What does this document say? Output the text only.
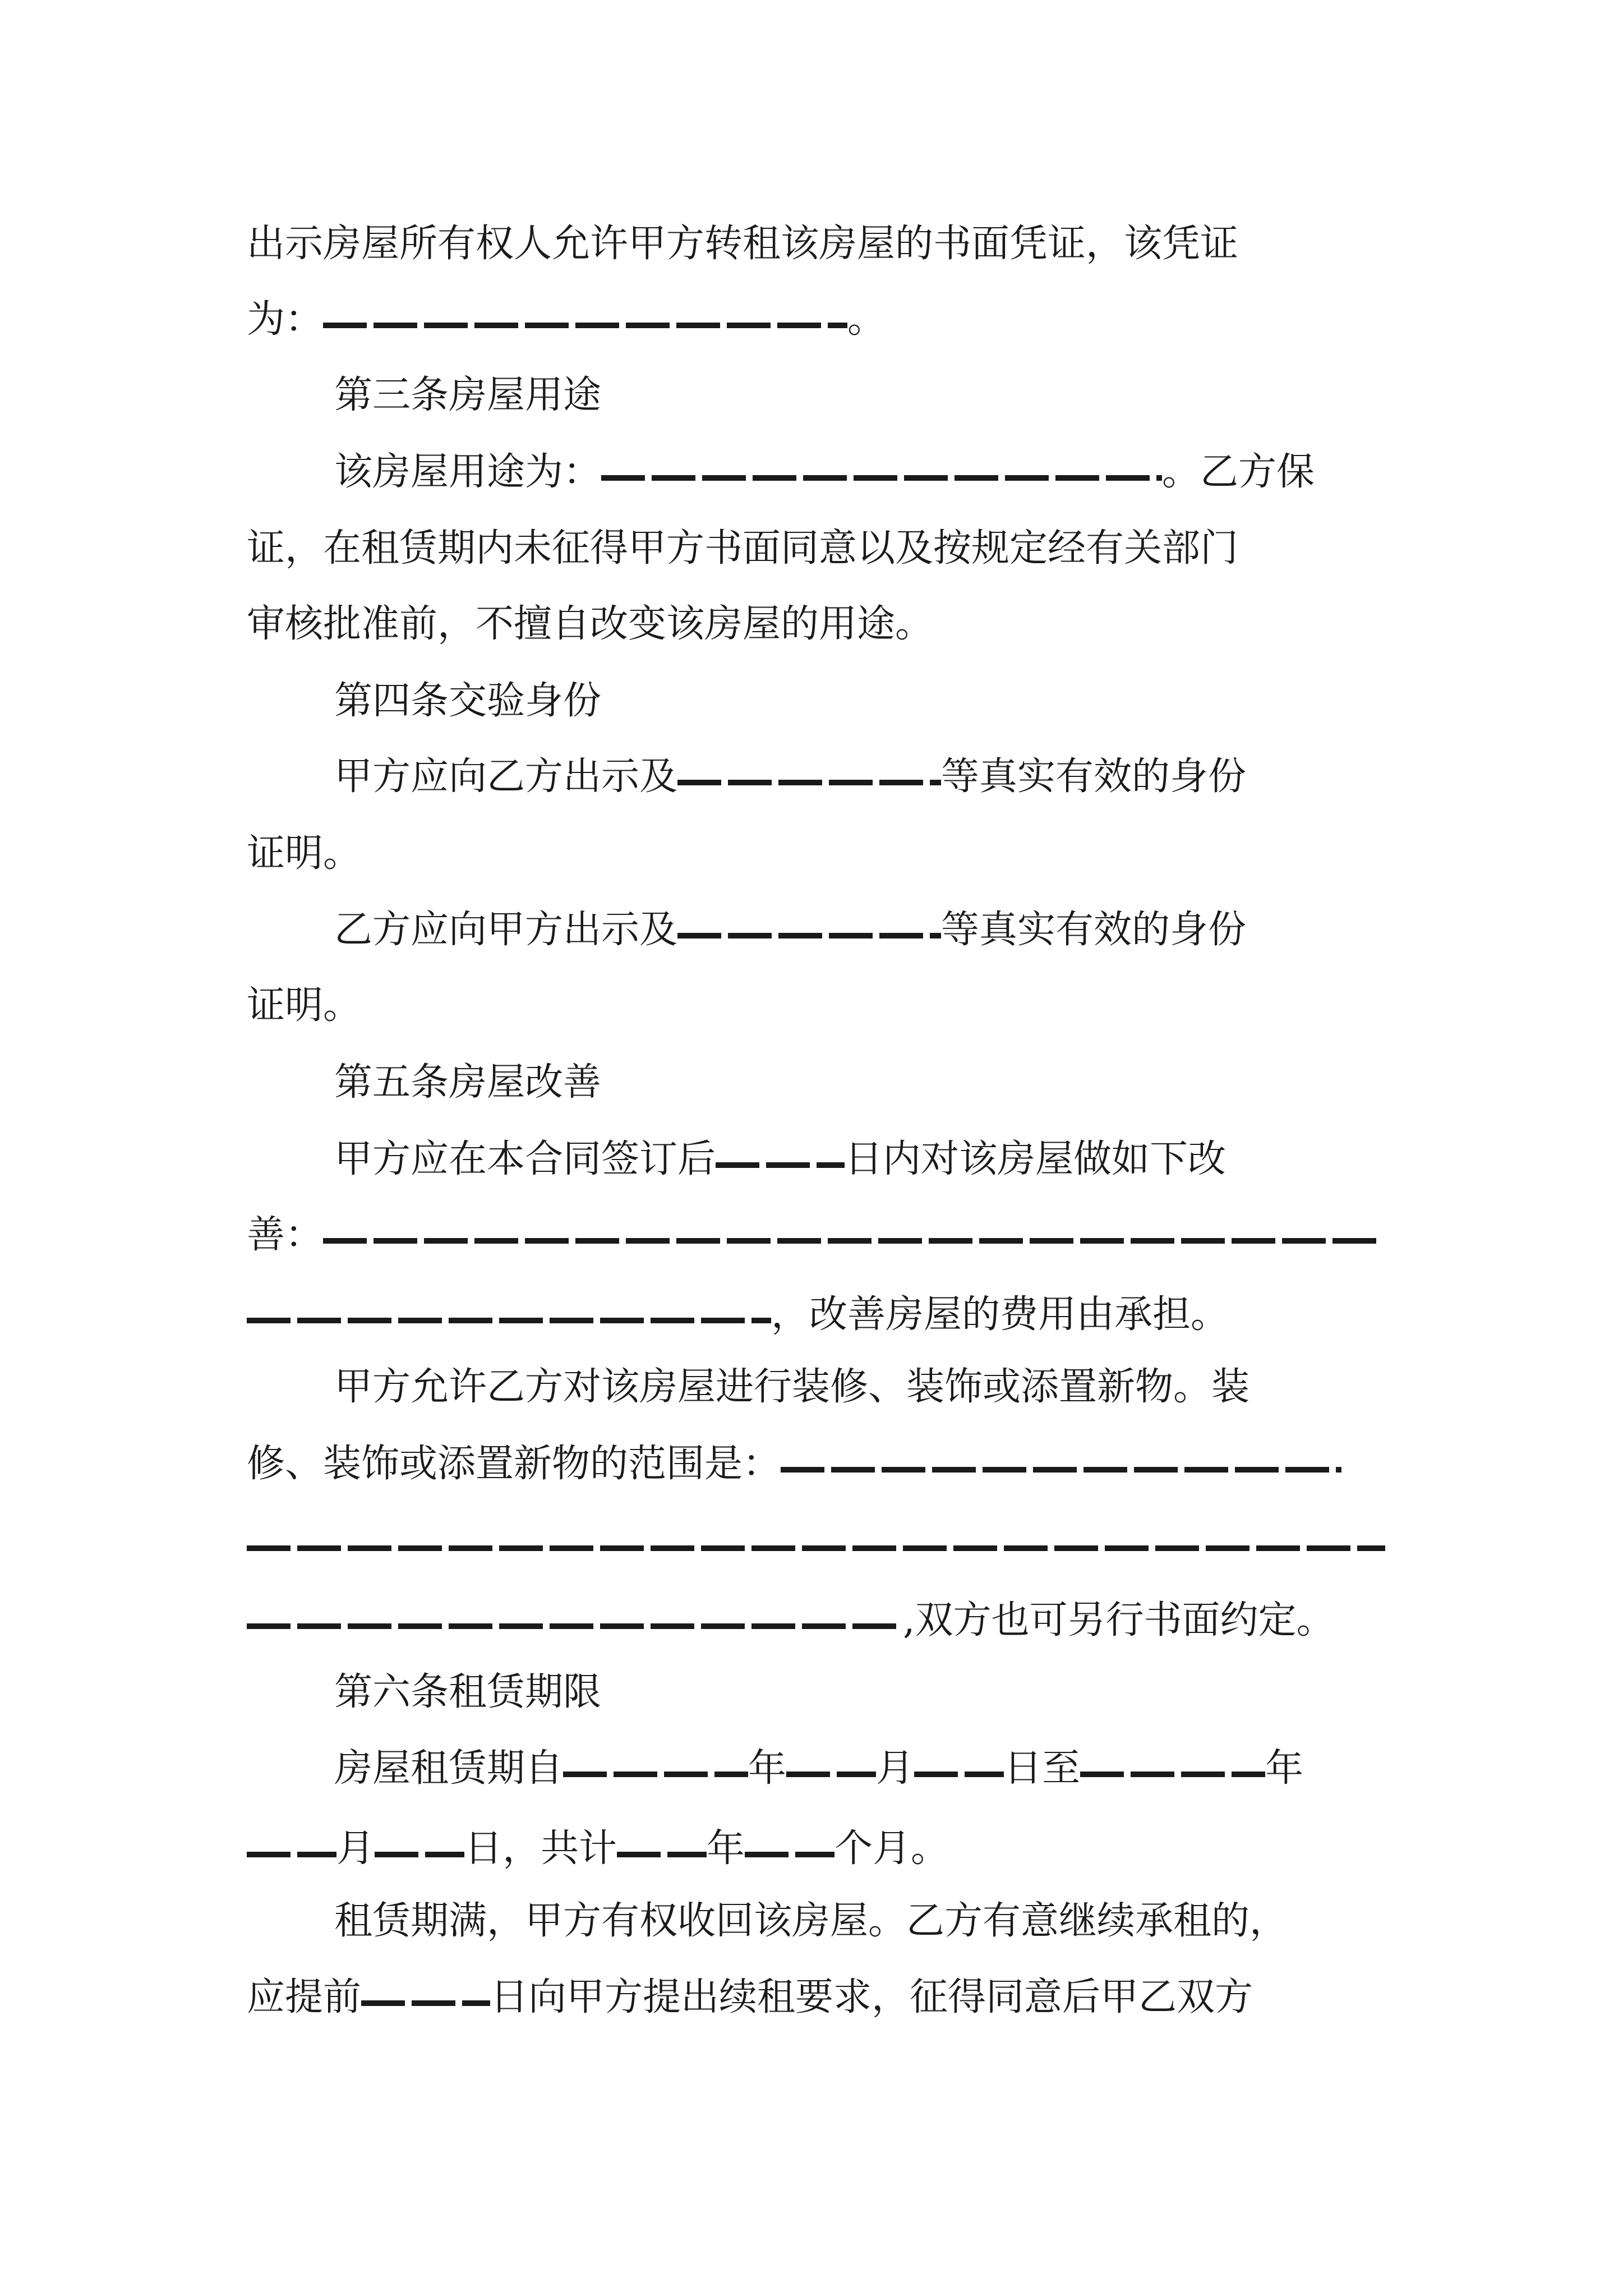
出示房屋所有权人允许甲方转租该房屋的书面凭证，该凭证
为：	。
第三条房屋用途
该房屋用途为：	。乙方保
证，在租赁期内未征得甲方书面同意以及按规定经有关部门
审核批准前，不擅自改变该房屋的用途。
第四条交验身份
甲方应向乙方出示及	等真实有效的身份
证明。
乙方应向甲方出示及	等真实有效的身份
证明。
第五条房屋改善
甲方应在本合同签订后	日内对该房屋做如下改
善：
，改善房屋的费用由承担。
甲方允许乙方对该房屋进行装修、装饰或添置新物。装
修、装饰或添置新物的范围是：
,双方也可另行书面约定。
第六条租赁期限
房屋租赁期自	年 月 日至	年
月 日，共计 年 个月。
租赁期满，甲方有权收回该房屋。乙方有意继续承租的，
应提前	日向甲方提出续租要求，征得同意后甲乙双方
